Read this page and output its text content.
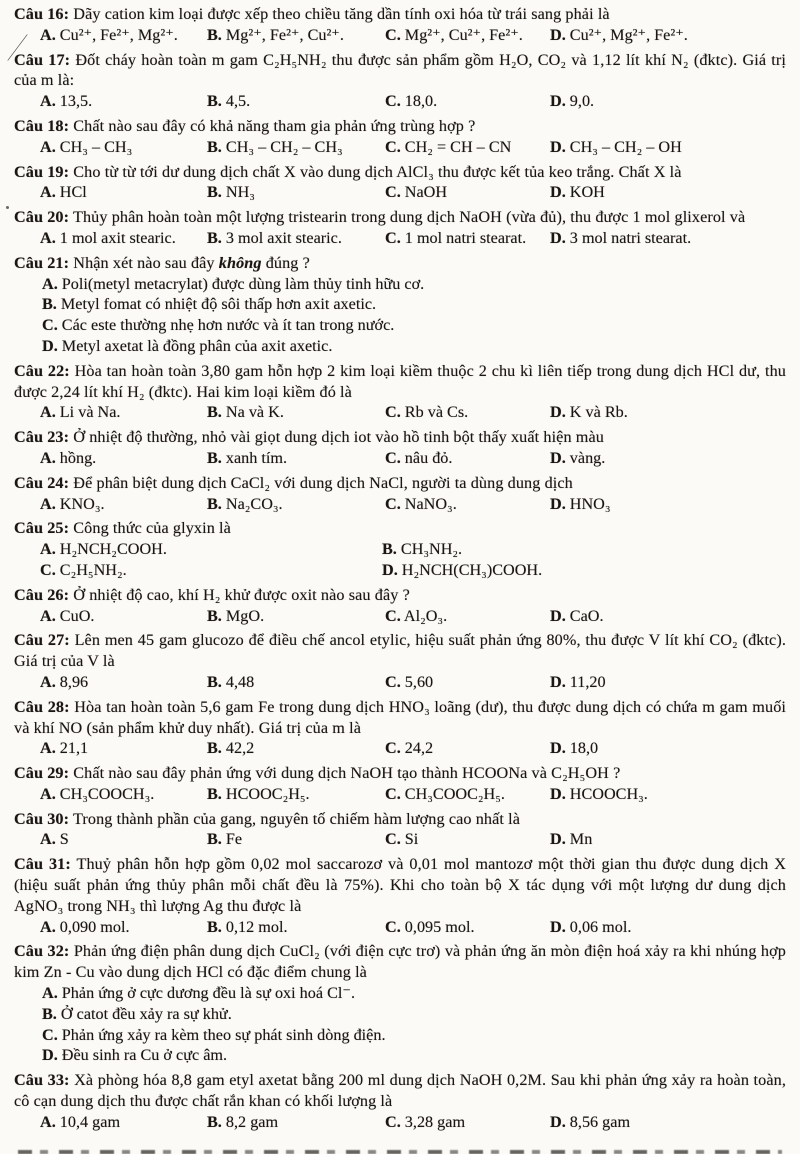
Câu 16: Dãy cation kim loại được xếp theo chiều tăng dần tính oxi hóa từ trái sang phải là

A. Cu²⁺, Fe²⁺, Mg²⁺.	B. Mg²⁺, Fe²⁺, Cu²⁺.	C. Mg²⁺, Cu²⁺, Fe²⁺.	D. Cu²⁺, Mg²⁺, Fe²⁺.

Câu 17: Đốt cháy hoàn toàn m gam C₂H₅NH₂ thu được sản phẩm gồm H₂O, CO₂ và 1,12 lít khí N₂ (đktc). Giá trị của m là:

A. 13,5.	B. 4,5.	C. 18,0.	D. 9,0.

Câu 18: Chất nào sau đây có khả năng tham gia phản ứng trùng hợp ?

A. CH₃ – CH₃	B. CH₃ – CH₂ – CH₃	C. CH₂ = CH – CN	D. CH₃ – CH₂ – OH

Câu 19: Cho từ từ tới dư dung dịch chất X vào dung dịch AlCl₃ thu được kết tủa keo trắng. Chất X là

A. HCl	B. NH₃	C. NaOH	D. KOH

Câu 20: Thủy phân hoàn toàn một lượng tristearin trong dung dịch NaOH (vừa đủ), thu được 1 mol glixerol và

A. 1 mol axit stearic.	B. 3 mol axit stearic.	C. 1 mol natri stearat.	D. 3 mol natri stearat.

Câu 21: Nhận xét nào sau đây không đúng ?

A. Poli(metyl metacrylat) được dùng làm thủy tinh hữu cơ.
B. Metyl fomat có nhiệt độ sôi thấp hơn axit axetic.
C. Các este thường nhẹ hơn nước và ít tan trong nước.
D. Metyl axetat là đồng phân của axit axetic.

Câu 22: Hòa tan hoàn toàn 3,80 gam hỗn hợp 2 kim loại kiềm thuộc 2 chu kì liên tiếp trong dung dịch HCl dư, thu được 2,24 lít khí H₂ (đktc). Hai kim loại kiềm đó là

A. Li và Na.	B. Na và K.	C. Rb và Cs.	D. K và Rb.

Câu 23: Ở nhiệt độ thường, nhỏ vài giọt dung dịch iot vào hồ tinh bột thấy xuất hiện màu

A. hồng.	B. xanh tím.	C. nâu đỏ.	D. vàng.

Câu 24: Để phân biệt dung dịch CaCl₂ với dung dịch NaCl, người ta dùng dung dịch

A. KNO₃.	B. Na₂CO₃.	C. NaNO₃.	D. HNO₃

Câu 25: Công thức của glyxin là

A. H₂NCH₂COOH.	B. CH₃NH₂.
C. C₂H₅NH₂.	D. H₂NCH(CH₃)COOH.

Câu 26: Ở nhiệt độ cao, khí H₂ khử được oxit nào sau đây ?

A. CuO.	B. MgO.	C. Al₂O₃.	D. CaO.

Câu 27: Lên men 45 gam glucozo để điều chế ancol etylic, hiệu suất phản ứng 80%, thu được V lít khí CO₂ (đktc). Giá trị của V là

A. 8,96	B. 4,48	C. 5,60	D. 11,20

Câu 28: Hòa tan hoàn toàn 5,6 gam Fe trong dung dịch HNO₃ loãng (dư), thu được dung dịch có chứa m gam muối và khí NO (sản phẩm khử duy nhất). Giá trị của m là

A. 21,1	B. 42,2	C. 24,2	D. 18,0

Câu 29: Chất nào sau đây phản ứng với dung dịch NaOH tạo thành HCOONa và C₂H₅OH ?

A. CH₃COOCH₃.	B. HCOOC₂H₅.	C. CH₃COOC₂H₅.	D. HCOOCH₃.

Câu 30: Trong thành phần của gang, nguyên tố chiếm hàm lượng cao nhất là

A. S	B. Fe	C. Si	D. Mn

Câu 31: Thuỷ phân hỗn hợp gồm 0,02 mol saccarozơ và 0,01 mol mantozơ một thời gian thu được dung dịch X (hiệu suất phản ứng thủy phân mỗi chất đều là 75%). Khi cho toàn bộ X tác dụng với một lượng dư dung dịch AgNO₃ trong NH₃ thì lượng Ag thu được là

A. 0,090 mol.	B. 0,12 mol.	C. 0,095 mol.	D. 0,06 mol.

Câu 32: Phản ứng điện phân dung dịch CuCl₂ (với điện cực trơ) và phản ứng ăn mòn điện hoá xảy ra khi nhúng hợp kim Zn - Cu vào dung dịch HCl có đặc điểm chung là

A. Phản ứng ở cực dương đều là sự oxi hoá Cl⁻.
B. Ở catot đều xảy ra sự khử.
C. Phản ứng xảy ra kèm theo sự phát sinh dòng điện.
D. Đều sinh ra Cu ở cực âm.

Câu 33: Xà phòng hóa 8,8 gam etyl axetat bằng 200 ml dung dịch NaOH 0,2M. Sau khi phản ứng xảy ra hoàn toàn, cô cạn dung dịch thu được chất rắn khan có khối lượng là

A. 10,4 gam	B. 8,2 gam	C. 3,28 gam	D. 8,56 gam
